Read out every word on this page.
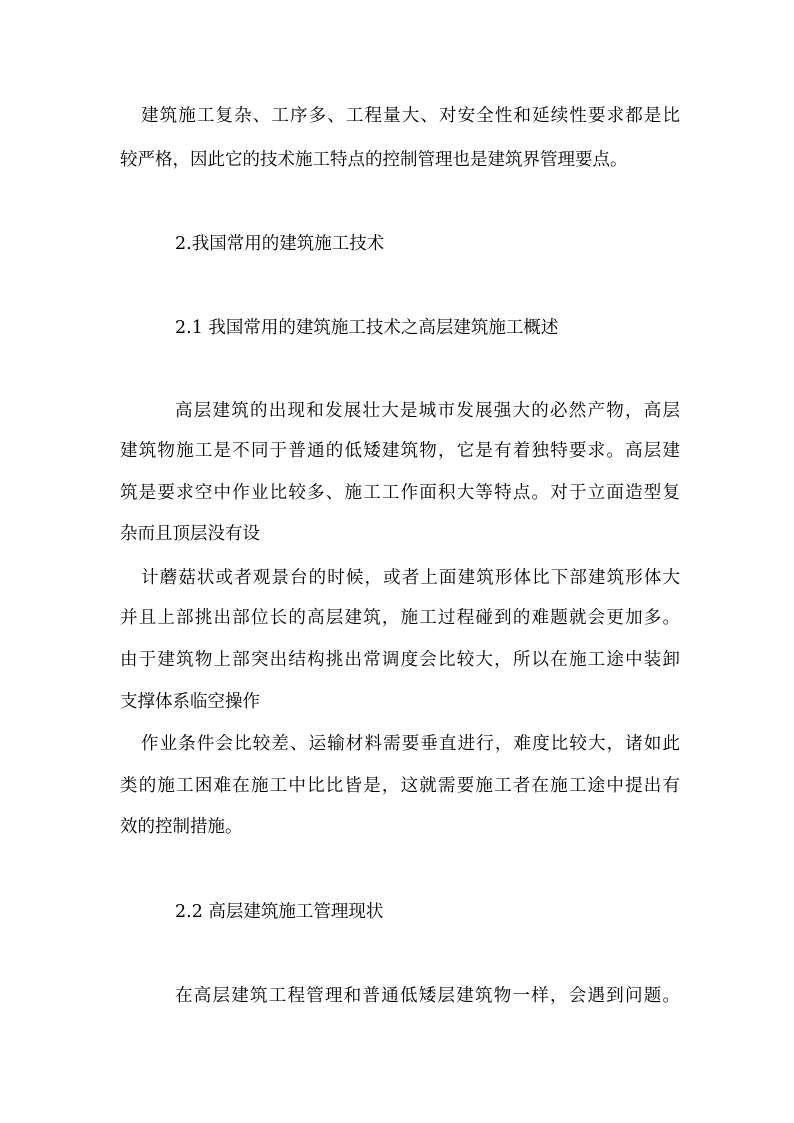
建筑施工复杂、工序多、工程量大、对安全性和延续性要求都是比
较严格，因此它的技术施工特点的控制管理也是建筑界管理要点。
2.我国常用的建筑施工技术
2.1 我国常用的建筑施工技术之高层建筑施工概述
高层建筑的出现和发展壮大是城市发展强大的必然产物，高层
建筑物施工是不同于普通的低矮建筑物，它是有着独特要求。高层建
筑是要求空中作业比较多、施工工作面积大等特点。对于立面造型复
杂而且顶层没有设
计蘑菇状或者观景台的时候，或者上面建筑形体比下部建筑形体大
并且上部挑出部位长的高层建筑，施工过程碰到的难题就会更加多。
由于建筑物上部突出结构挑出常调度会比较大，所以在施工途中装卸
支撑体系临空操作
作业条件会比较差、运输材料需要垂直进行，难度比较大，诸如此
类的施工困难在施工中比比皆是，这就需要施工者在施工途中提出有
效的控制措施。
2.2 高层建筑施工管理现状
在高层建筑工程管理和普通低矮层建筑物一样，会遇到问题。
